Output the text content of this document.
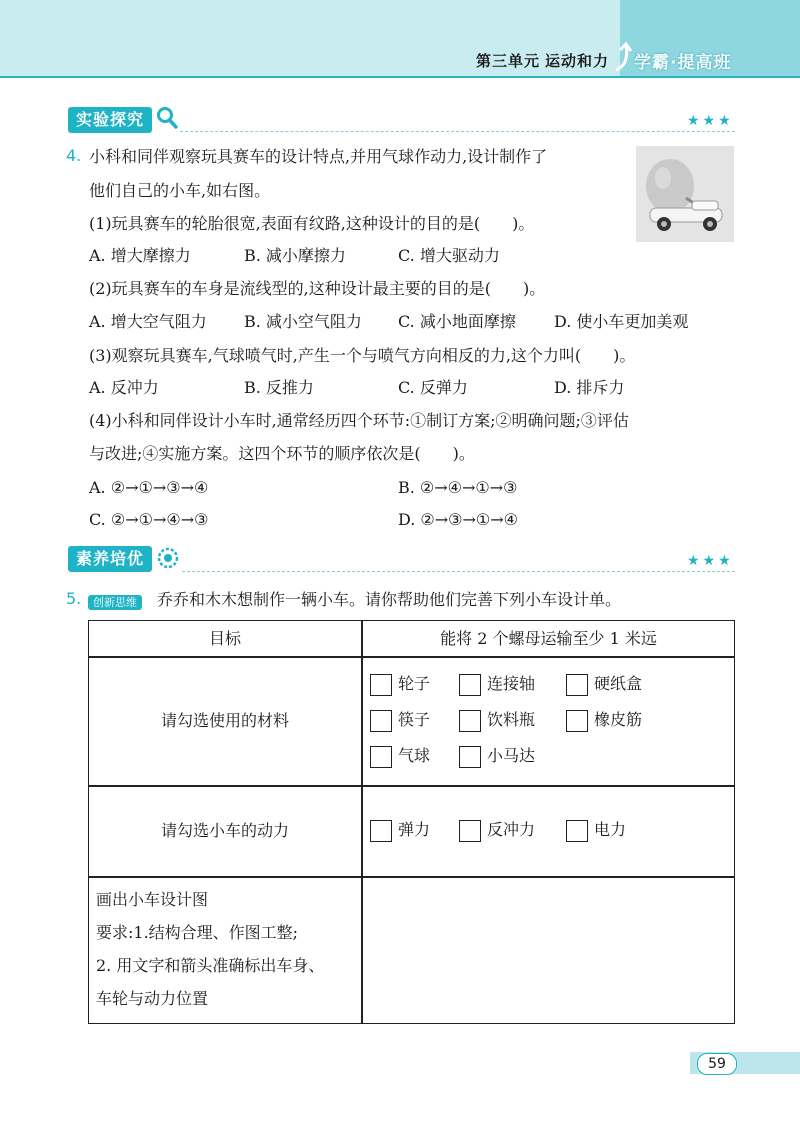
第三单元 运动和力 学霸·提高班
实验探究	★★★
4. 小科和同伴观察玩具赛车的设计特点,并用气球作动力,设计制作了
他们自己的小车,如右图。
(1)玩具赛车的轮胎很宽,表面有纹路,这种设计的目的是(　　)。
A. 增大摩擦力	B. 减小摩擦力	C. 增大驱动力
(2)玩具赛车的车身是流线型的,这种设计最主要的目的是(　　)。
A. 增大空气阻力 B. 减小空气阻力 C. 减小地面摩擦 D. 使小车更加美观
(3)观察玩具赛车,气球喷气时,产生一个与喷气方向相反的力,这个力叫(　　)。
A. 反冲力	B. 反推力	C. 反弹力	D. 排斥力
(4)小科和同伴设计小车时,通常经历四个环节:①制订方案;②明确问题;③评估
与改进;④实施方案。这四个环节的顺序依次是(　　)。
A. ②→①→③→④	B. ②→④→①→③
C. ②→①→④→③	D. ②→③→①→④
素养培优	★★★
5.	创新思维	乔乔和木木想制作一辆小车。请你帮助他们完善下列小车设计单。
目标	能将 2 个螺母运输至少 1 米远
请勾选使用的材料
轮子	连接轴	硬纸盒
筷子	饮料瓶	橡皮筋
气球	小马达
请勾选小车的动力	弹力	反冲力	电力
画出小车设计图
要求:1.结构合理、作图工整;
2. 用文字和箭头准确标出车身、
车轮与动力位置
59
